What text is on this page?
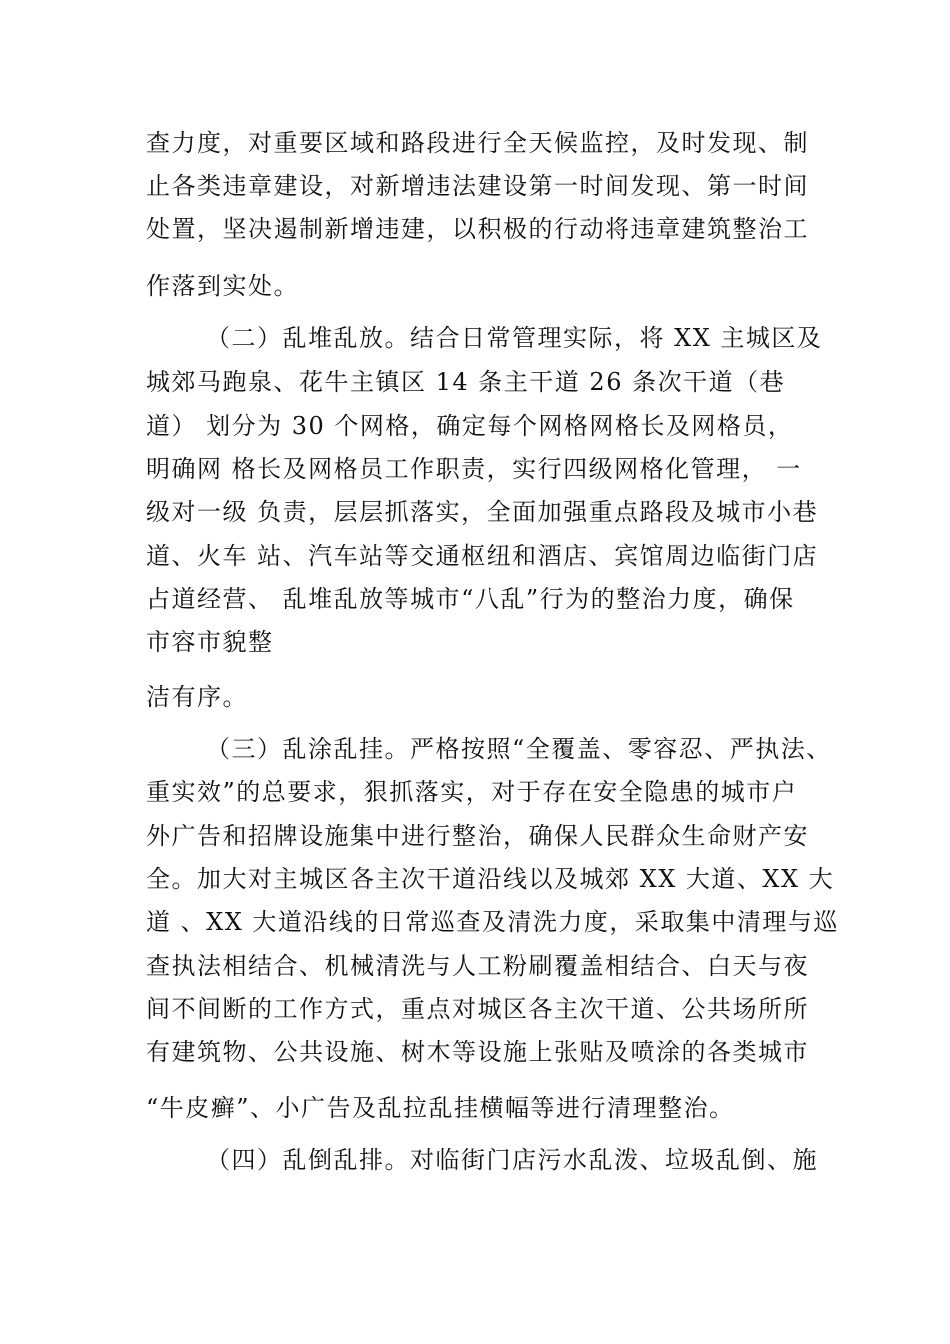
查力度，对重要区域和路段进行全天候监控，及时发现、制
止各类违章建设，对新增违法建设第一时间发现、第一时间
处置，坚决遏制新增违建，以积极的行动将违章建筑整治工
作落到实处。
（二）乱堆乱放。结合日常管理实际，将 XX 主城区及
城郊马跑泉、花牛主镇区 14 条主干道 26 条次干道（巷
道） 划分为 30 个网格，确定每个网格网格长及网格员，
明确网 格长及网格员工作职责，实行四级网格化管理， 一
级对一级 负责，层层抓落实，全面加强重点路段及城市小巷
道、火车 站、汽车站等交通枢纽和酒店、宾馆周边临街门店
占道经营、 乱堆乱放等城市“八乱”行为的整治力度，确保
市容市貌整
洁有序。
（三）乱涂乱挂。严格按照“全覆盖、零容忍、严执法、
重实效”的总要求，狠抓落实，对于存在安全隐患的城市户
外广告和招牌设施集中进行整治，确保人民群众生命财产安
全。加大对主城区各主次干道沿线以及城郊 XX 大道、XX 大
道 、XX 大道沿线的日常巡查及清洗力度，采取集中清理与巡
查执法相结合、机械清洗与人工粉刷覆盖相结合、白天与夜
间不间断的工作方式，重点对城区各主次干道、公共场所所
有建筑物、公共设施、树木等设施上张贴及喷涂的各类城市
“牛皮癣”、小广告及乱拉乱挂横幅等进行清理整治。
（四）乱倒乱排。对临街门店污水乱泼、垃圾乱倒、施
